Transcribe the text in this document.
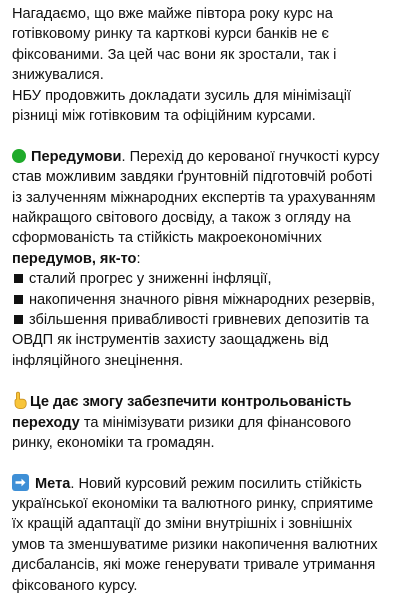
Нагадаємо, що вже майже півтора року курс на
готівковому ринку та карткові курси банків не є
фіксованими. За цей час вони як зростали, так і
знижувалися.
НБУ продовжить докладати зусиль для мінімізації
різниці між готівковим та офіційним курсами.
Передумови. Перехід до керованої гнучкості курсу
став можливим завдяки ґрунтовній підготовчій роботі
із залученням міжнародних експертів та урахуванням
найкращого світового досвіду, а також з огляду на
сформованість та стійкість макроекономічних
передумов, як-то:
сталий прогрес у зниженні інфляції,
накопичення значного рівня міжнародних резервів,
збільшення привабливості гривневих депозитів та
ОВДП як інструментів захисту заощаджень від
інфляційного знецінення.
Це дає змогу забезпечити контрольованість
переходу та мінімізувати ризики для фінансового
ринку, економіки та громадян.
Мета. Новий курсовий режим посилить стійкість
української економіки та валютного ринку, сприятиме
їх кращій адаптації до зміни внутрішніх і зовнішніх
умов та зменшуватиме ризики накопичення валютних
дисбалансів, які може генерувати тривале утримання
фіксованого курсу.
